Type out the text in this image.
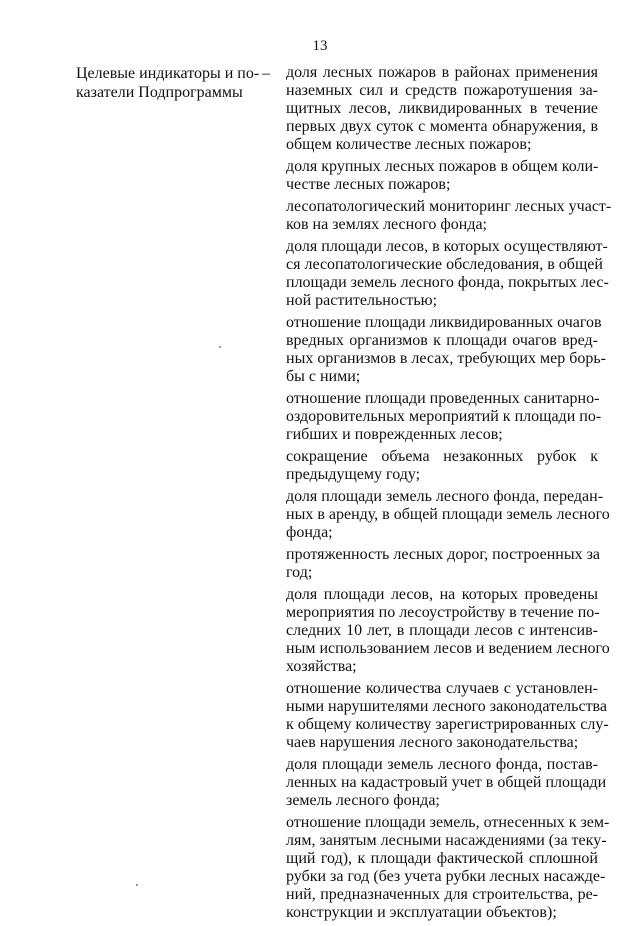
13
Целевые индикаторы и по-
казатели Подпрограммы
– доля лесных пожаров в районах применения
наземных сил и средств пожаротушения за-
щитных лесов, ликвидированных в течение
первых двух суток с момента обнаружения, в
общем количестве лесных пожаров;
доля крупных лесных пожаров в общем коли-
честве лесных пожаров;
лесопатологический мониторинг лесных участ-
ков на землях лесного фонда;
доля площади лесов, в которых осуществляют-
ся лесопатологические обследования, в общей
площади земель лесного фонда, покрытых лес-
ной растительностью;
отношение площади ликвидированных очагов
вредных организмов к площади очагов вред-
ных организмов в лесах, требующих мер борь-
бы с ними;
отношение площади проведенных санитарно-
оздоровительных мероприятий к площади по-
гибших и поврежденных лесов;
сокращение объема незаконных рубок к
предыдущему году;
доля площади земель лесного фонда, передан-
ных в аренду, в общей площади земель лесного
фонда;
протяженность лесных дорог, построенных за
год;
доля площади лесов, на которых проведены
мероприятия по лесоустройству в течение по-
следних 10 лет, в площади лесов с интенсив-
ным использованием лесов и ведением лесного
хозяйства;
отношение количества случаев с установлен-
ными нарушителями лесного законодательства
к общему количеству зарегистрированных слу-
чаев нарушения лесного законодательства;
доля площади земель лесного фонда, постав-
ленных на кадастровый учет в общей площади
земель лесного фонда;
отношение площади земель, отнесенных к зем-
лям, занятым лесными насаждениями (за теку-
щий год), к площади фактической сплошной
рубки за год (без учета рубки лесных насажде-
ний, предназначенных для строительства, ре-
конструкции и эксплуатации объектов);
